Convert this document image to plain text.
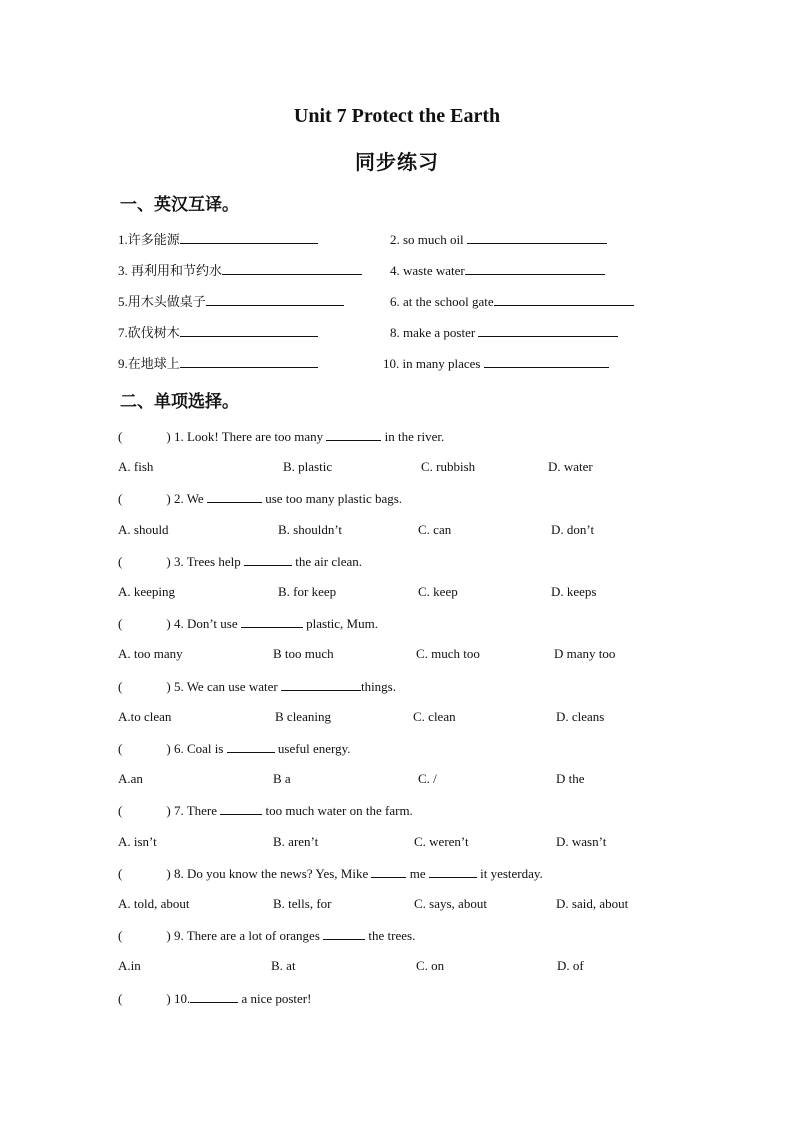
Unit 7 Protect the Earth
同步练习
一、英汉互译。
1.许多能源	2. so much oil
3. 再利用和节约水	4. waste water
5.用木头做桌子	6. at the school gate
7.砍伐树木	8. make a poster
9.在地球上	10. in many places
二、单项选择。
(	) 1. Look! There are too many	in the river.
A. fish	B. plastic	C. rubbish	D. water
(	) 2. We	use too many plastic bags.
A. should	B. shouldn’t	C. can	D. don’t
(	) 3. Trees help	the air clean.
A. keeping	B. for keep	C. keep	D. keeps
(	) 4. Don’t use	plastic, Mum.
A. too many	B too much	C. much too	D many too
(	) 5. We can use water	things.
A.to clean	B cleaning	C. clean	D. cleans
(	) 6. Coal is	useful energy.
A.an	B a	C. /	D the
(	) 7. There	too much water on the farm.
A. isn’t	B. aren’t	C. weren’t	D. wasn’t
(	) 8. Do you know the news? Yes, Mike	me	it yesterday.
A. told, about	B. tells, for	C. says, about	D. said, about
(	) 9. There are a lot of oranges	the trees.
A.in	B. at	C. on	D. of
(	) 10.	a nice poster!
